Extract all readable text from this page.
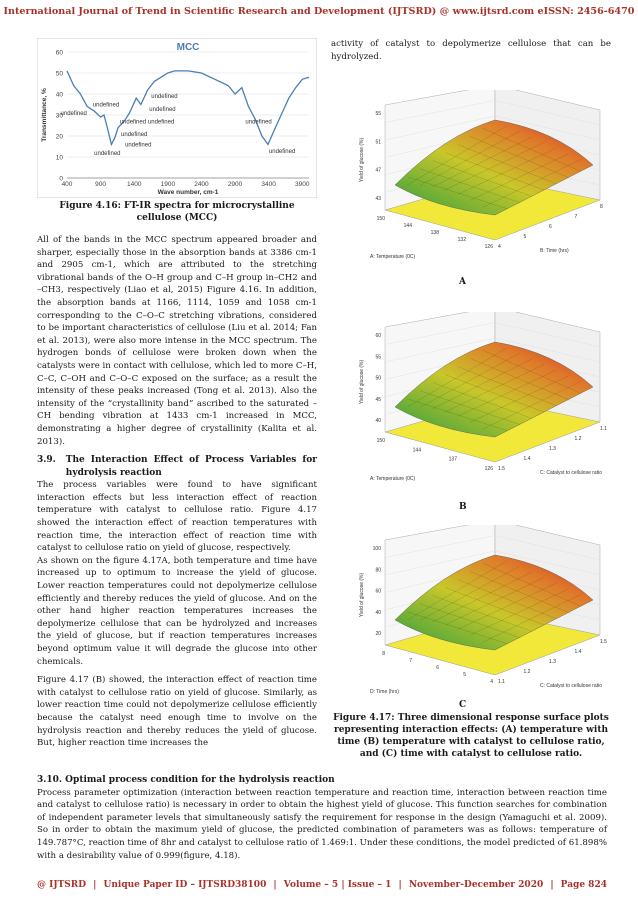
International Journal of Trend in Scientific Research and Development (IJTSRD) @ www.ijtsrd.com eISSN: 2456-6470
MCC
0
10
20
30
40
50
60
400	900	1400	1900	2400	2900	3400	3900
Wave number, cm-1
Transmittance, %	undefined
undefined
undefined
undefined
undefined
undefined
undefined
undefined
undefined
undefined
undefined
Figure 4.16: FT-IR spectra for microcrystalline cellulose (MCC)

All of the bands in the MCC spectrum appeared broader and sharper, especially those in the absorption bands at 3386 cm-1 and 2905 cm-1, which are attributed to the stretching vibrational bands of the O–H group and C–H group in–CH2 and –CH3, respectively (Liao et al, 2015) Figure 4.16. In addition, the absorption bands at 1166, 1114, 1059 and 1058 cm-1 corresponding to the C–O–C stretching vibrations, considered to be important characteristics of cellulose (Liu et al. 2014; Fan et al. 2013), were also more intense in the MCC spectrum. The hydrogen bonds of cellulose were broken down when the catalysts were in contact with cellulose, which led to more C–H, C–C, C–OH and C–O–C exposed on the surface; as a result the intensity of these peaks increased (Tong et al. 2013). Also the intensity of the “crystallinity band” ascribed to the saturated –CH bending vibration at 1433 cm-1 increased in MCC, demonstrating a higher degree of crystallinity (Kalita et al. 2013).

3.9. The Interaction Effect of Process Variables for hydrolysis reaction

The process variables were found to have significant interaction effects but less interaction effect of reaction temperature with catalyst to cellulose ratio. Figure 4.17 showed the interaction effect of reaction temperatures with reaction time, the interaction effect of reaction time with catalyst to cellulose ratio on yield of glucose, respectively.

As shown on the figure 4.17A, both temperature and time have increased up to optimum to increase the yield of glucose. Lower reaction temperatures could not depolymerize cellulose efficiently and thereby reduces the yield of glucose. And on the other hand higher reaction temperatures increases the depolymerize cellulose that can be hydrolyzed and increases the yield of glucose, but if reaction temperatures increases beyond optimum value it will degrade the glucose into other chemicals.

Figure 4.17 (B) showed, the interaction effect of reaction time with catalyst to cellulose ratio on yield of glucose. Similarly, as lower reaction time could not depolymerize cellulose efficiently because the catalyst need enough time to involve on the hydrolysis reaction and thereby reduces the yield of glucose. But, higher reaction time increases the

activity of catalyst to depolymerize cellulose that can be hydrolyzed.
55
51
47
43
Yield of glucose (%)
150
144
138
132
126
8
7
6
5
4
A: Temperature (0C)
B: Time (hrs)
A
60
55
50
45
40
Yield of glucose (%)
150
144
137
126
1.1
1.2
1.3
1.4
1.5
A: Temperature (0C)
C: Catalyst to cellulose ratio
B
100
80
60
40
20
Yield of glucose (%)
8
7
6
5
4
1.5
1.4
1.3
1.2
1.1
D: Time (hrs)
C: Catalyst to cellulose ratio
C
Figure 4.17: Three dimensional response surface plots representing interaction effects: (A) temperature with time (B) temperature with catalyst to cellulose ratio, and (C) time with catalyst to cellulose ratio.
3.10. Optimal process condition for the hydrolysis reaction
Process parameter optimization (interaction between reaction temperature and reaction time, interaction between reaction time and catalyst to cellulose ratio) is necessary in order to obtain the highest yield of glucose. This function searches for combination of independent parameter levels that simultaneously satisfy the requirement for response in the design (Yamaguchi et al. 2009). So in order to obtain the maximum yield of glucose, the predicted combination of parameters was as follows: temperature of 149.787°C, reaction time of 8hr and catalyst to cellulose ratio of 1.469:1. Under these conditions, the model predicted of 61.898% with a desirability value of 0.999(figure, 4.18).
@ IJTSRD | Unique Paper ID – IJTSRD38100 | Volume – 5 | Issue – 1 | November-December 2020 | Page 824
